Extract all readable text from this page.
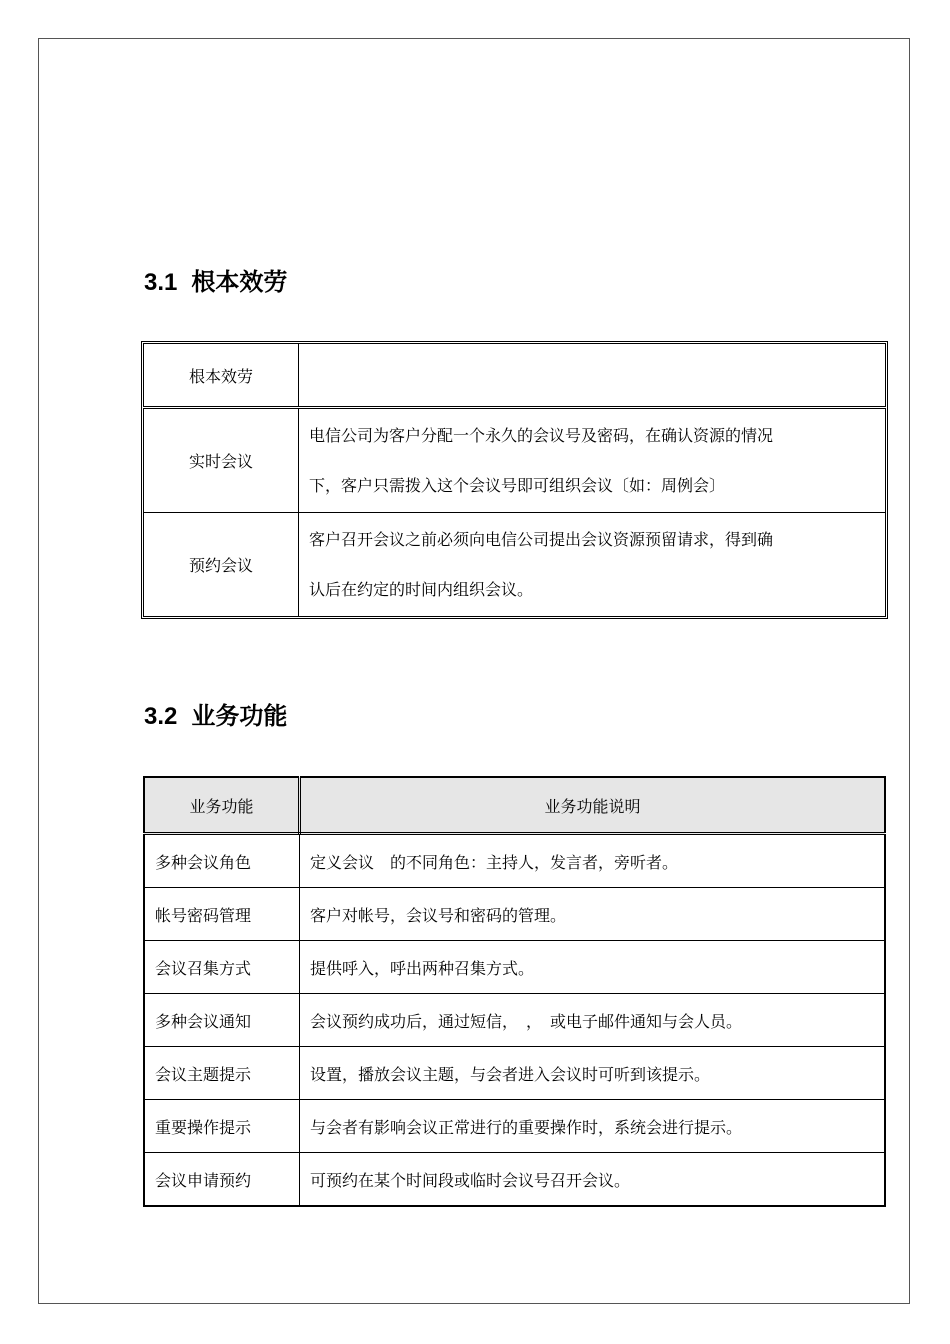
3.1 根本效劳
根本效劳	
实时会议	电信公司为客户分配一个永久的会议号及密码，在确认资源的情况
下，客户只需拨入这个会议号即可组织会议〔如：周例会〕
预约会议	客户召开会议之前必须向电信公司提出会议资源预留请求，得到确
认后在约定的时间内组织会议。
3.2 业务功能
业务功能	业务功能说明
多种会议角色	定义会议　的不同角色：主持人，发言者，旁听者。
帐号密码管理	客户对帐号，会议号和密码的管理。
会议召集方式	提供呼入，呼出两种召集方式。
多种会议通知	会议预约成功后，通过短信，　，　或电子邮件通知与会人员。
会议主题提示	设置，播放会议主题，与会者进入会议时可听到该提示。
重要操作提示	与会者有影响会议正常进行的重要操作时，系统会进行提示。
会议申请预约	可预约在某个时间段或临时会议号召开会议。
